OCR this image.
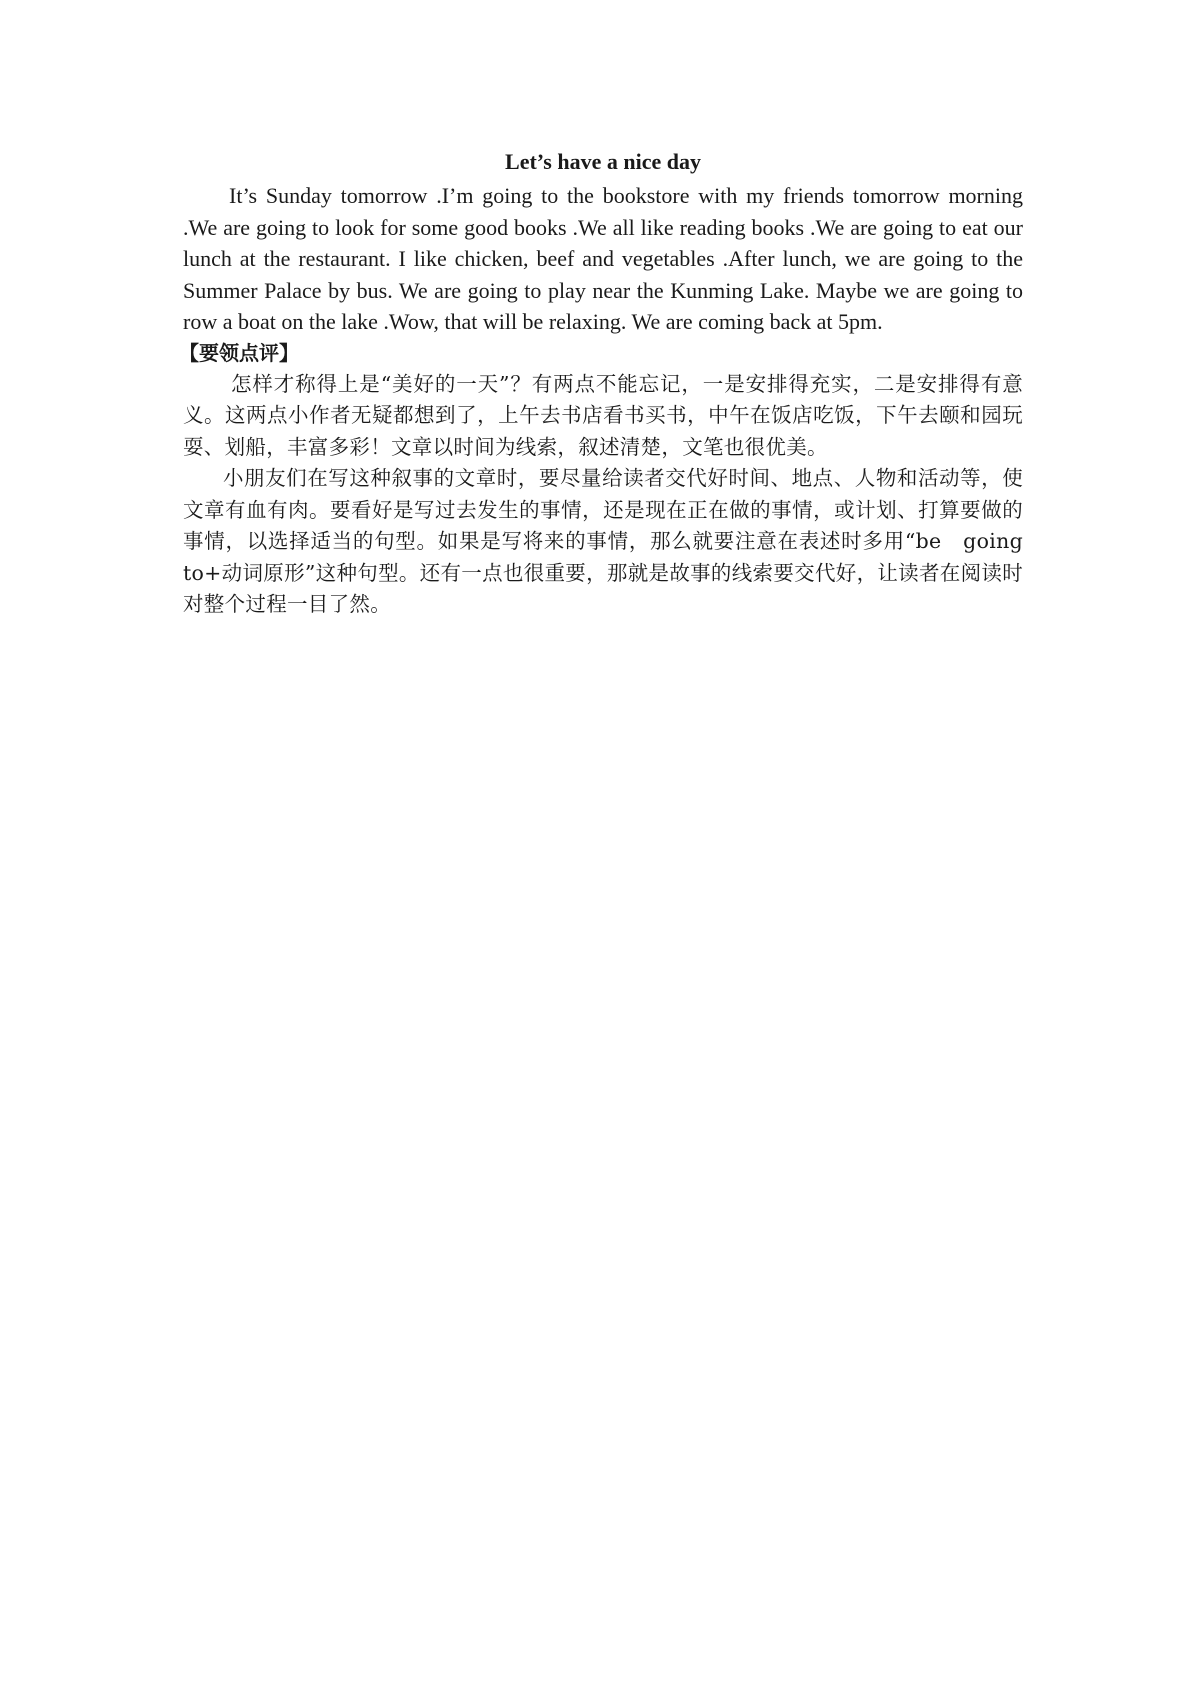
Let’s have a nice day

It’s Sunday tomorrow .I’m going to the bookstore with my friends tomorrow morning .We are going to look for some good books .We all like reading books .We are going to eat our lunch at the restaurant. I like chicken, beef and vegetables .After lunch, we are going to the Summer Palace by bus. We are going to play near the Kunming Lake. Maybe we are going to row a boat on the lake .Wow, that will be relaxing. We are coming back at 5pm.

【要领点评】

怎样才称得上是“美好的一天”？有两点不能忘记，一是安排得充实，二是安排得有意义。这两点小作者无疑都想到了，上午去书店看书买书，中午在饭店吃饭，下午去颐和园玩耍、划船，丰富多彩！文章以时间为线索，叙述清楚，文笔也很优美。

小朋友们在写这种叙事的文章时，要尽量给读者交代好时间、地点、人物和活动等，使文章有血有肉。要看好是写过去发生的事情，还是现在正在做的事情，或计划、打算要做的事情，以选择适当的句型。如果是写将来的事情，那么就要注意在表述时多用“be　going　to+动词原形”这种句型。还有一点也很重要，那就是故事的线索要交代好，让读者在阅读时对整个过程一目了然。
